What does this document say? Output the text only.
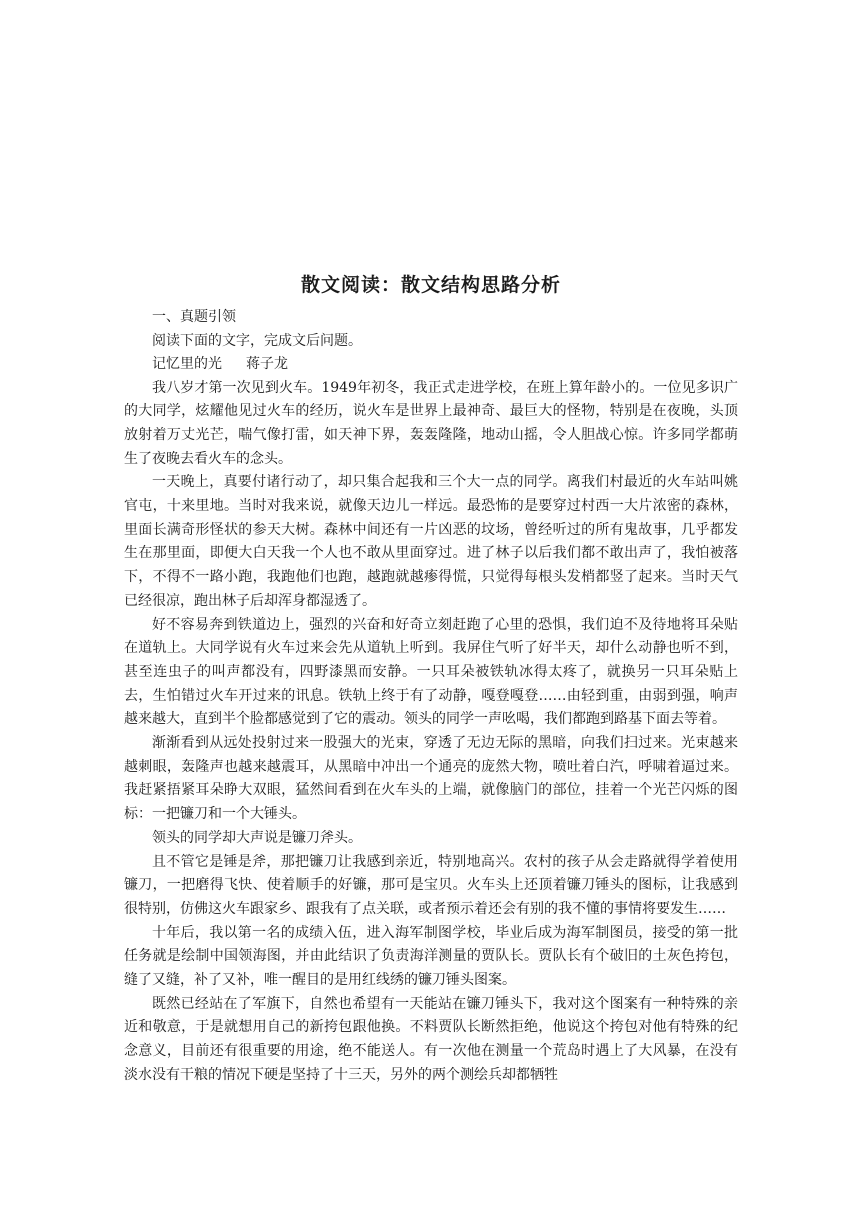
散文阅读：散文结构思路分析

一、真题引领

阅读下面的文字，完成文后问题。

记忆里的光 蒋子龙

我八岁才第一次见到火车。1949年初冬，我正式走进学校，在班上算年龄小的。一位见多识广的大同学，炫耀他见过火车的经历，说火车是世界上最神奇、最巨大的怪物，特别是在夜晚，头顶放射着万丈光芒，喘气像打雷，如天神下界，轰轰隆隆，地动山摇，令人胆战心惊。许多同学都萌生了夜晚去看火车的念头。

一天晚上，真要付诸行动了，却只集合起我和三个大一点的同学。离我们村最近的火车站叫姚官屯，十来里地。当时对我来说，就像天边儿一样远。最恐怖的是要穿过村西一大片浓密的森林，里面长满奇形怪状的参天大树。森林中间还有一片凶恶的坟场，曾经听过的所有鬼故事，几乎都发生在那里面，即便大白天我一个人也不敢从里面穿过。进了林子以后我们都不敢出声了，我怕被落下，不得不一路小跑，我跑他们也跑，越跑就越瘆得慌，只觉得每根头发梢都竖了起来。当时天气已经很凉，跑出林子后却浑身都湿透了。

好不容易奔到铁道边上，强烈的兴奋和好奇立刻赶跑了心里的恐惧，我们迫不及待地将耳朵贴在道轨上。大同学说有火车过来会先从道轨上听到。我屏住气听了好半天，却什么动静也听不到，甚至连虫子的叫声都没有，四野漆黑而安静。一只耳朵被铁轨冰得太疼了，就换另一只耳朵贴上去，生怕错过火车开过来的讯息。铁轨上终于有了动静，嘎登嘎登……由轻到重，由弱到强，响声越来越大，直到半个脸都感觉到了它的震动。领头的同学一声吆喝，我们都跑到路基下面去等着。

渐渐看到从远处投射过来一股强大的光束，穿透了无边无际的黑暗，向我们扫过来。光束越来越刺眼，轰隆声也越来越震耳，从黑暗中冲出一个通亮的庞然大物，喷吐着白汽，呼啸着逼过来。我赶紧捂紧耳朵睁大双眼，猛然间看到在火车头的上端，就像脑门的部位，挂着一个光芒闪烁的图标：一把镰刀和一个大锤头。

领头的同学却大声说是镰刀斧头。

且不管它是锤是斧，那把镰刀让我感到亲近，特别地高兴。农村的孩子从会走路就得学着使用镰刀，一把磨得飞快、使着顺手的好镰，那可是宝贝。火车头上还顶着镰刀锤头的图标，让我感到很特别，仿佛这火车跟家乡、跟我有了点关联，或者预示着还会有别的我不懂的事情将要发生……

十年后，我以第一名的成绩入伍，进入海军制图学校，毕业后成为海军制图员，接受的第一批任务就是绘制中国领海图，并由此结识了负责海洋测量的贾队长。贾队长有个破旧的土灰色挎包，缝了又缝，补了又补，唯一醒目的是用红线绣的镰刀锤头图案。

既然已经站在了军旗下，自然也希望有一天能站在镰刀锤头下，我对这个图案有一种特殊的亲近和敬意，于是就想用自己的新挎包跟他换。不料贾队长断然拒绝，他说这个挎包对他有特殊的纪念意义，目前还有很重要的用途，绝不能送人。有一次他在测量一个荒岛时遇上了大风暴，在没有淡水没有干粮的情况下硬是坚持了十三天，另外的两个测绘兵却都牺牲
